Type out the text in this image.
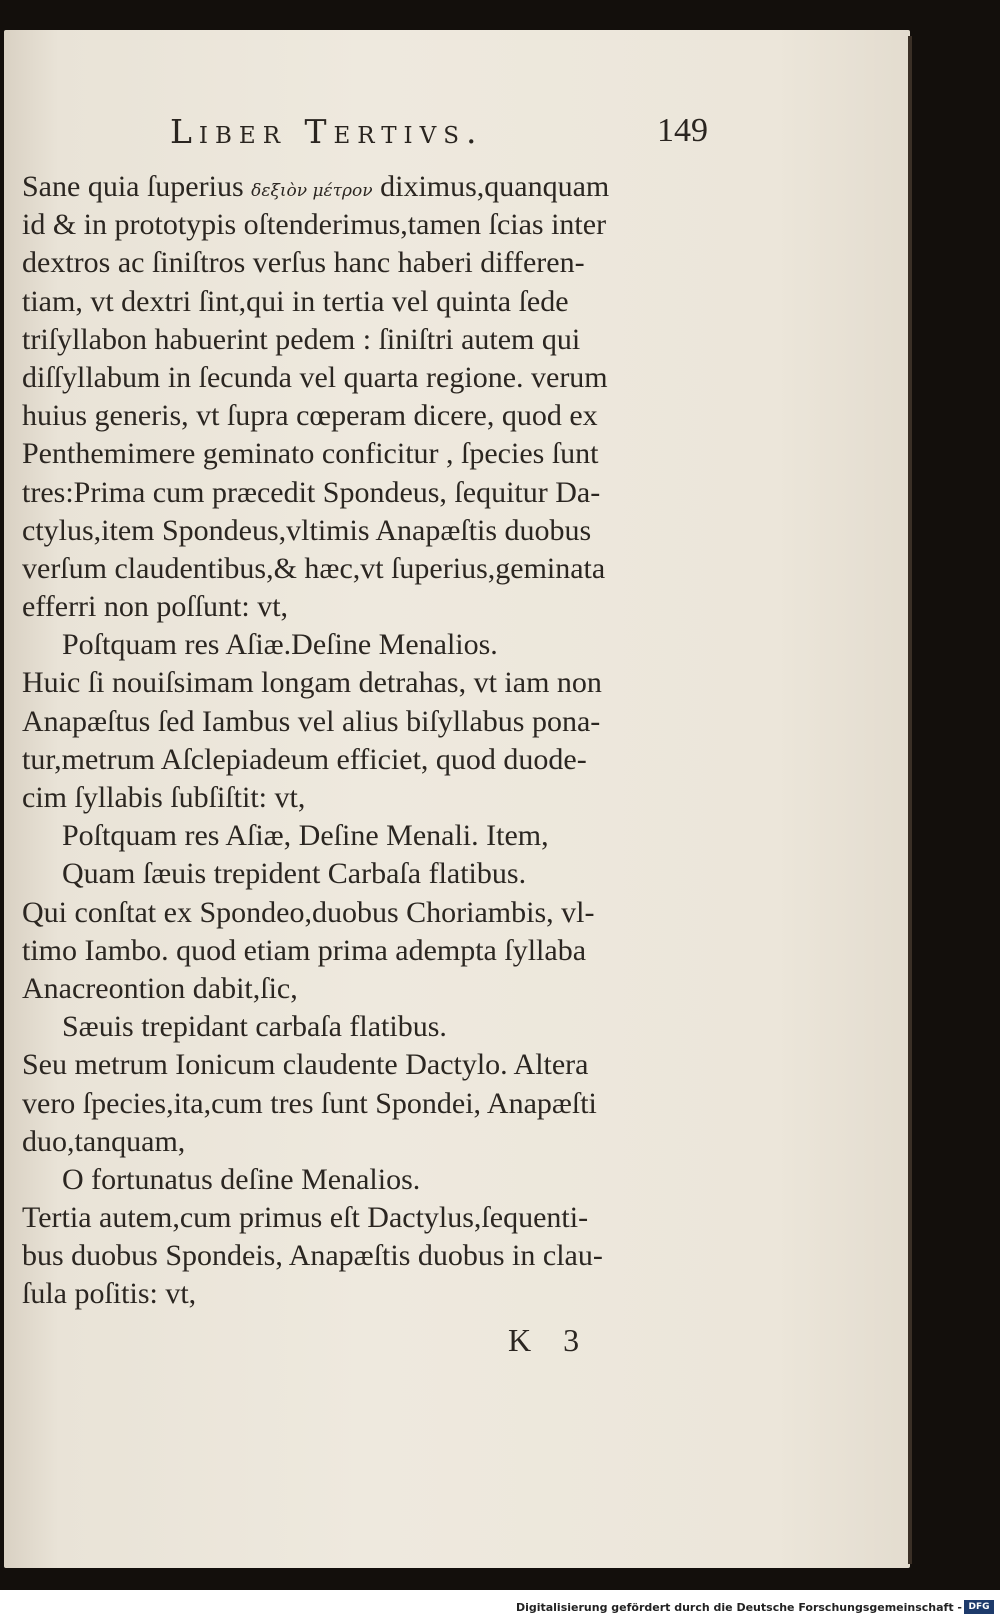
Liber Tertivs.	149
Sane quia ſuperius δεξιὸν μέτρον diximus,quanquam
id & in prototypis oſtenderimus,tamen ſcias inter
dextros ac ſiniſtros verſus hanc haberi differen-
tiam, vt dextri ſint,qui in tertia vel quinta ſede
triſyllabon habuerint pedem : ſiniſtri autem qui
diſſyllabum in ſecunda vel quarta regione. verum
huius generis, vt ſupra cœperam dicere, quod ex
Penthemimere geminato conficitur , ſpecies ſunt
tres:Prima cum præcedit Spondeus, ſequitur Da-
ctylus,item Spondeus,vltimis Anapæſtis duobus
verſum claudentibus,& hæc,vt ſuperius,geminata
efferri non poſſunt: vt,
Poſtquam res Aſiæ.Deſine Menalios.
Huic ſi nouiſsimam longam detrahas, vt iam non
Anapæſtus ſed Iambus vel alius biſyllabus pona-
tur,metrum Aſclepiadeum efficiet, quod duode-
cim ſyllabis ſubſiſtit: vt,
Poſtquam res Aſiæ, Deſine Menali. Item,
Quam ſæuis trepident Carbaſa flatibus.
Qui conſtat ex Spondeo,duobus Choriambis, vl-
timo Iambo. quod etiam prima adempta ſyllaba
Anacreontion dabit,ſic,
Sæuis trepidant carbaſa flatibus.
Seu metrum Ionicum claudente Dactylo. Altera
vero ſpecies,ita,cum tres ſunt Spondei, Anapæſti
duo,tanquam,
O fortunatus deſine Menalios.
Tertia autem,cum primus eſt Dactylus,ſequenti-
bus duobus Spondeis, Anapæſtis duobus in clau-
ſula poſitis: vt,
K 3
Digitalisierung gefördert durch die Deutsche Forschungsgemeinschaft - DFG
